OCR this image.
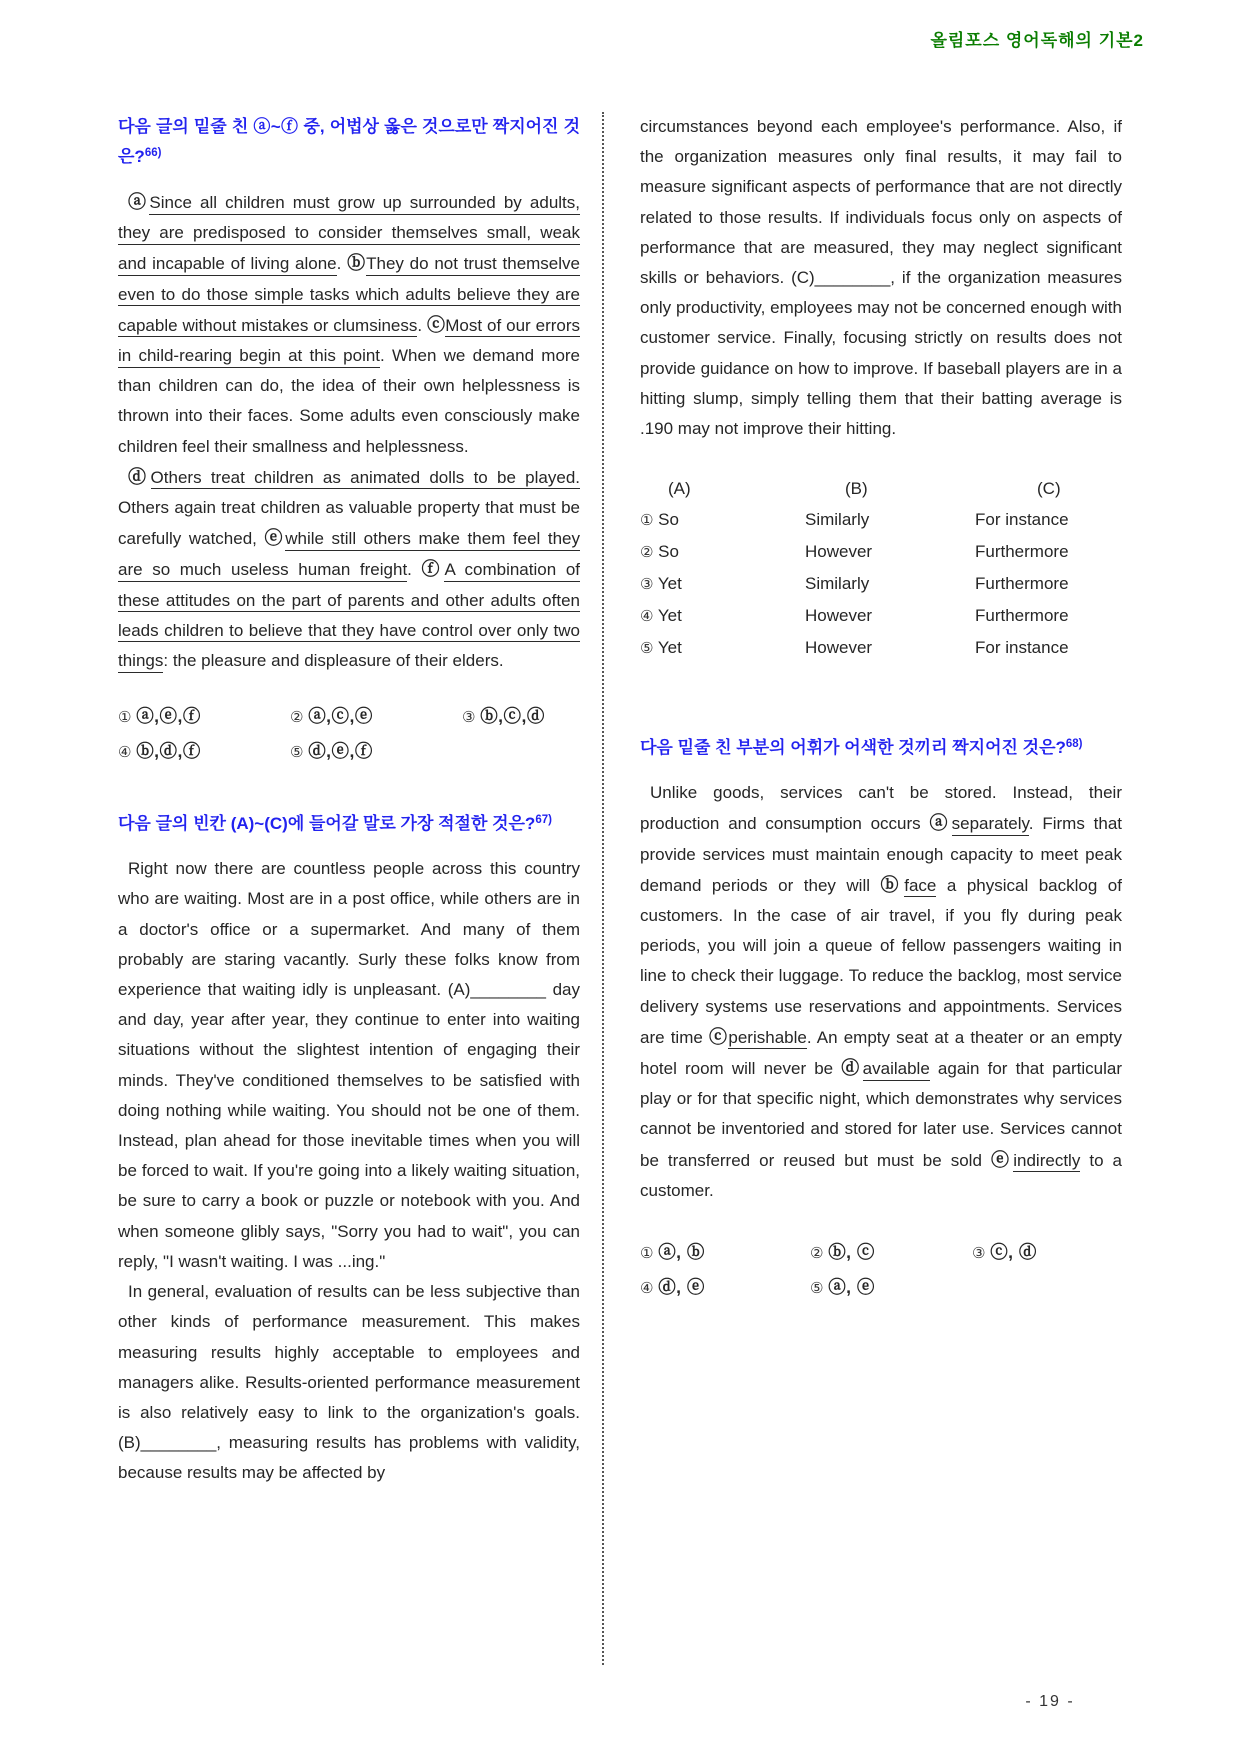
올림포스 영어독해의 기본2

다음 글의 밑줄 친 ⓐ~ⓕ 중, 어법상 옳은 것으로만 짝지어진 것은?$^{66)}$

ⓐSince all children must grow up surrounded by adults, they are predisposed to consider themselves small, weak and incapable of living alone. ⓑThey do not trust themselve even to do those simple tasks which adults believe they are capable without mistakes or clumsiness. ⓒMost of our errors in child-rearing begin at this point. When we demand more than children can do, the idea of their own helplessness is thrown into their faces. Some adults even consciously make children feel their smallness and helplessness.

ⓓOthers treat children as animated dolls to be played. Others again treat children as valuable property that must be carefully watched, ⓔwhile still others make them feel they are so much useless human freight. ⓕA combination of these attitudes on the part of parents and other adults often leads children to believe that they have control over only two things: the pleasure and displeasure of their elders.

① ⓐ,ⓔ,ⓕ	② ⓐ,ⓒ,ⓔ	③ ⓑ,ⓒ,ⓓ
④ ⓑ,ⓓ,ⓕ	⑤ ⓓ,ⓔ,ⓕ

다음 글의 빈칸 (A)~(C)에 들어갈 말로 가장 적절한 것은?$^{67)}$

Right now there are countless people across this country who are waiting. Most are in a post office, while others are in a doctor's office or a supermarket. And many of them probably are staring vacantly. Surly these folks know from experience that waiting idly is unpleasant. (A)________ day and day, year after year, they continue to enter into waiting situations without the slightest intention of engaging their minds. They've conditioned themselves to be satisfied with doing nothing while waiting. You should not be one of them. Instead, plan ahead for those inevitable times when you will be forced to wait. If you're going into a likely waiting situation, be sure to carry a book or puzzle or notebook with you. And when someone glibly says, "Sorry you had to wait", you can reply, "I wasn't waiting. I was ...ing."

In general, evaluation of results can be less subjective than other kinds of performance measurement. This makes measuring results highly acceptable to employees and managers alike. Results-oriented performance measurement is also relatively easy to link to the organization's goals. (B)________, measuring results has problems with validity, because results may be affected by

circumstances beyond each employee's performance. Also, if the organization measures only final results, it may fail to measure significant aspects of performance that are not directly related to those results. If individuals focus only on aspects of performance that are measured, they may neglect significant skills or behaviors. (C)________, if the organization measures only productivity, employees may not be concerned enough with customer service. Finally, focusing strictly on results does not provide guidance on how to improve. If baseball players are in a hitting slump, simply telling them that their batting average is .190 may not improve their hitting.

(A)	(B)	(C)
① So	Similarly	For instance
② So	However	Furthermore
③ Yet	Similarly	Furthermore
④ Yet	However	Furthermore
⑤ Yet	However	For instance

다음 밑줄 친 부분의 어휘가 어색한 것끼리 짝지어진 것은?$^{68)}$

Unlike goods, services can't be stored. Instead, their production and consumption occurs ⓐseparately. Firms that provide services must maintain enough capacity to meet peak demand periods or they will ⓑface a physical backlog of customers. In the case of air travel, if you fly during peak periods, you will join a queue of fellow passengers waiting in line to check their luggage. To reduce the backlog, most service delivery systems use reservations and appointments. Services are time ⓒperishable. An empty seat at a theater or an empty hotel room will never be ⓓavailable again for that particular play or for that specific night, which demonstrates why services cannot be inventoried and stored for later use. Services cannot be transferred or reused but must be sold ⓔindirectly to a customer.

① ⓐ, ⓑ	② ⓑ, ⓒ	③ ⓒ, ⓓ
④ ⓓ, ⓔ	⑤ ⓐ, ⓔ
- 19 -
